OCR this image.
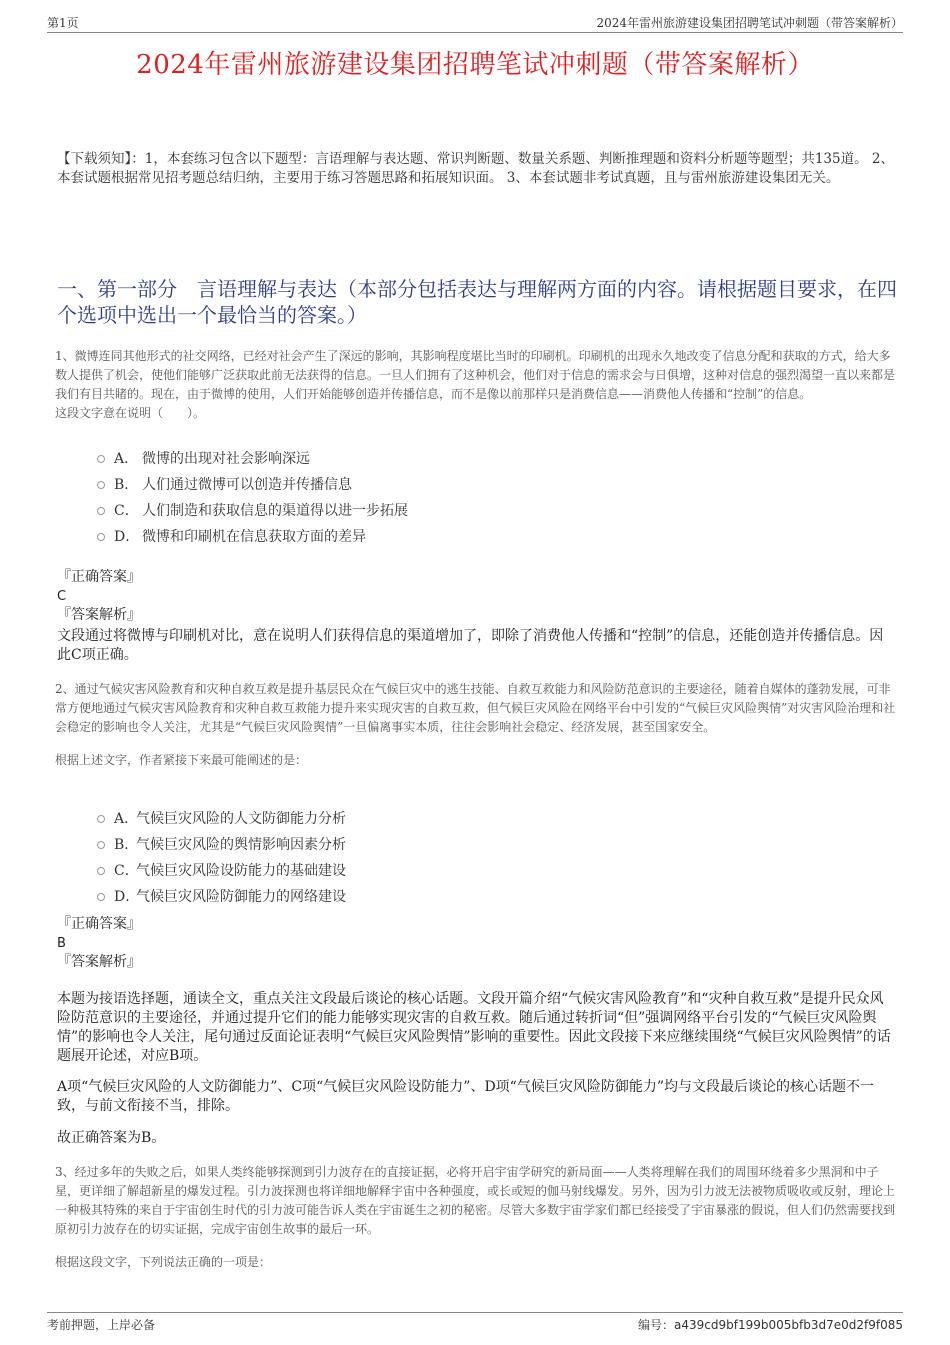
第1页	2024年雷州旅游建设集团招聘笔试冲刺题（带答案解析）
2024年雷州旅游建设集团招聘笔试冲刺题（带答案解析）
【下载须知】：1，本套练习包含以下题型：言语理解与表达题、常识判断题、数量关系题、判断推理题和资料分析题等题型；共135道。 2、本套试题根据常见招考题总结归纳，主要用于练习答题思路和拓展知识面。 3、本套试题非考试真题，且与雷州旅游建设集团无关。
一、第一部分　言语理解与表达（本部分包括表达与理解两方面的内容。请根据题目要求，在四个选项中选出一个最恰当的答案。）
1、微博连同其他形式的社交网络，已经对社会产生了深远的影响，其影响程度堪比当时的印刷机。印刷机的出现永久地改变了信息分配和获取的方式，给大多数人提供了机会，使他们能够广泛获取此前无法获得的信息。一旦人们拥有了这种机会，他们对于信息的需求会与日俱增，这种对信息的强烈渴望一直以来都是我们有目共睹的。现在，由于微博的使用，人们开始能够创造并传播信息，而不是像以前那样只是消费信息——消费他人传播和“控制”的信息。
这段文字意在说明（　　）。
A． 微博的出现对社会影响深远
B． 人们通过微博可以创造并传播信息
C． 人们制造和获取信息的渠道得以进一步拓展
D． 微博和印刷机在信息获取方面的差异
『正确答案』
C
『答案解析』
文段通过将微博与印刷机对比，意在说明人们获得信息的渠道增加了，即除了消费他人传播和“控制”的信息，还能创造并传播信息。因此C项正确。
2、通过气候灾害风险教育和灾种自救互救是提升基层民众在气候巨灾中的逃生技能、自救互救能力和风险防范意识的主要途径，随着自媒体的蓬勃发展，可非常方便地通过气候灾害风险教育和灾种自救互救能力提升来实现灾害的自救互救，但气候巨灾风险在网络平台中引发的“气候巨灾风险舆情”对灾害风险治理和社会稳定的影响也令人关注，尤其是“气候巨灾风险舆情”一旦偏离事实本质，往往会影响社会稳定、经济发展，甚至国家安全。
根据上述文字，作者紧接下来最可能阐述的是：
A．
气候巨灾风险的人文防御能力分析
B．
气候巨灾风险的舆情影响因素分析
C．
气候巨灾风险设防能力的基础建设
D．
气候巨灾风险防御能力的网络建设
『正确答案』
B
『答案解析』
本题为接语选择题，通读全文，重点关注文段最后谈论的核心话题。文段开篇介绍“气候灾害风险教育”和“灾种自救互救”是提升民众风险防范意识的主要途径，并通过提升它们的能力能够实现灾害的自救互救。随后通过转折词“但”强调网络平台引发的“气候巨灾风险舆情”的影响也令人关注，尾句通过反面论证表明“气候巨灾风险舆情”影响的重要性。因此文段接下来应继续围绕“气候巨灾风险舆情”的话题展开论述，对应B项。
A项“气候巨灾风险的人文防御能力”、C项“气候巨灾风险设防能力”、D项“气候巨灾风险防御能力”均与文段最后谈论的核心话题不一致，与前文衔接不当，排除。
故正确答案为B。
3、经过多年的失败之后，如果人类终能够探测到引力波存在的直接证据，必将开启宇宙学研究的新局面——人类将理解在我们的周围环绕着多少黑洞和中子星，更详细了解超新星的爆发过程。引力波探测也将详细地解释宇宙中各种强度，或长或短的伽马射线爆发。另外，因为引力波无法被物质吸收或反射，理论上一种极其特殊的来自于宇宙创生时代的引力波可能告诉人类在宇宙诞生之初的秘密。尽管大多数宇宙学家们都已经接受了宇宙暴涨的假说，但人们仍然需要找到原初引力波存在的切实证据，完成宇宙创生故事的最后一环。
根据这段文字，下列说法正确的一项是：
考前押题，上岸必备	编号：a439cd9bf199b005bfb3d7e0d2f9f085
